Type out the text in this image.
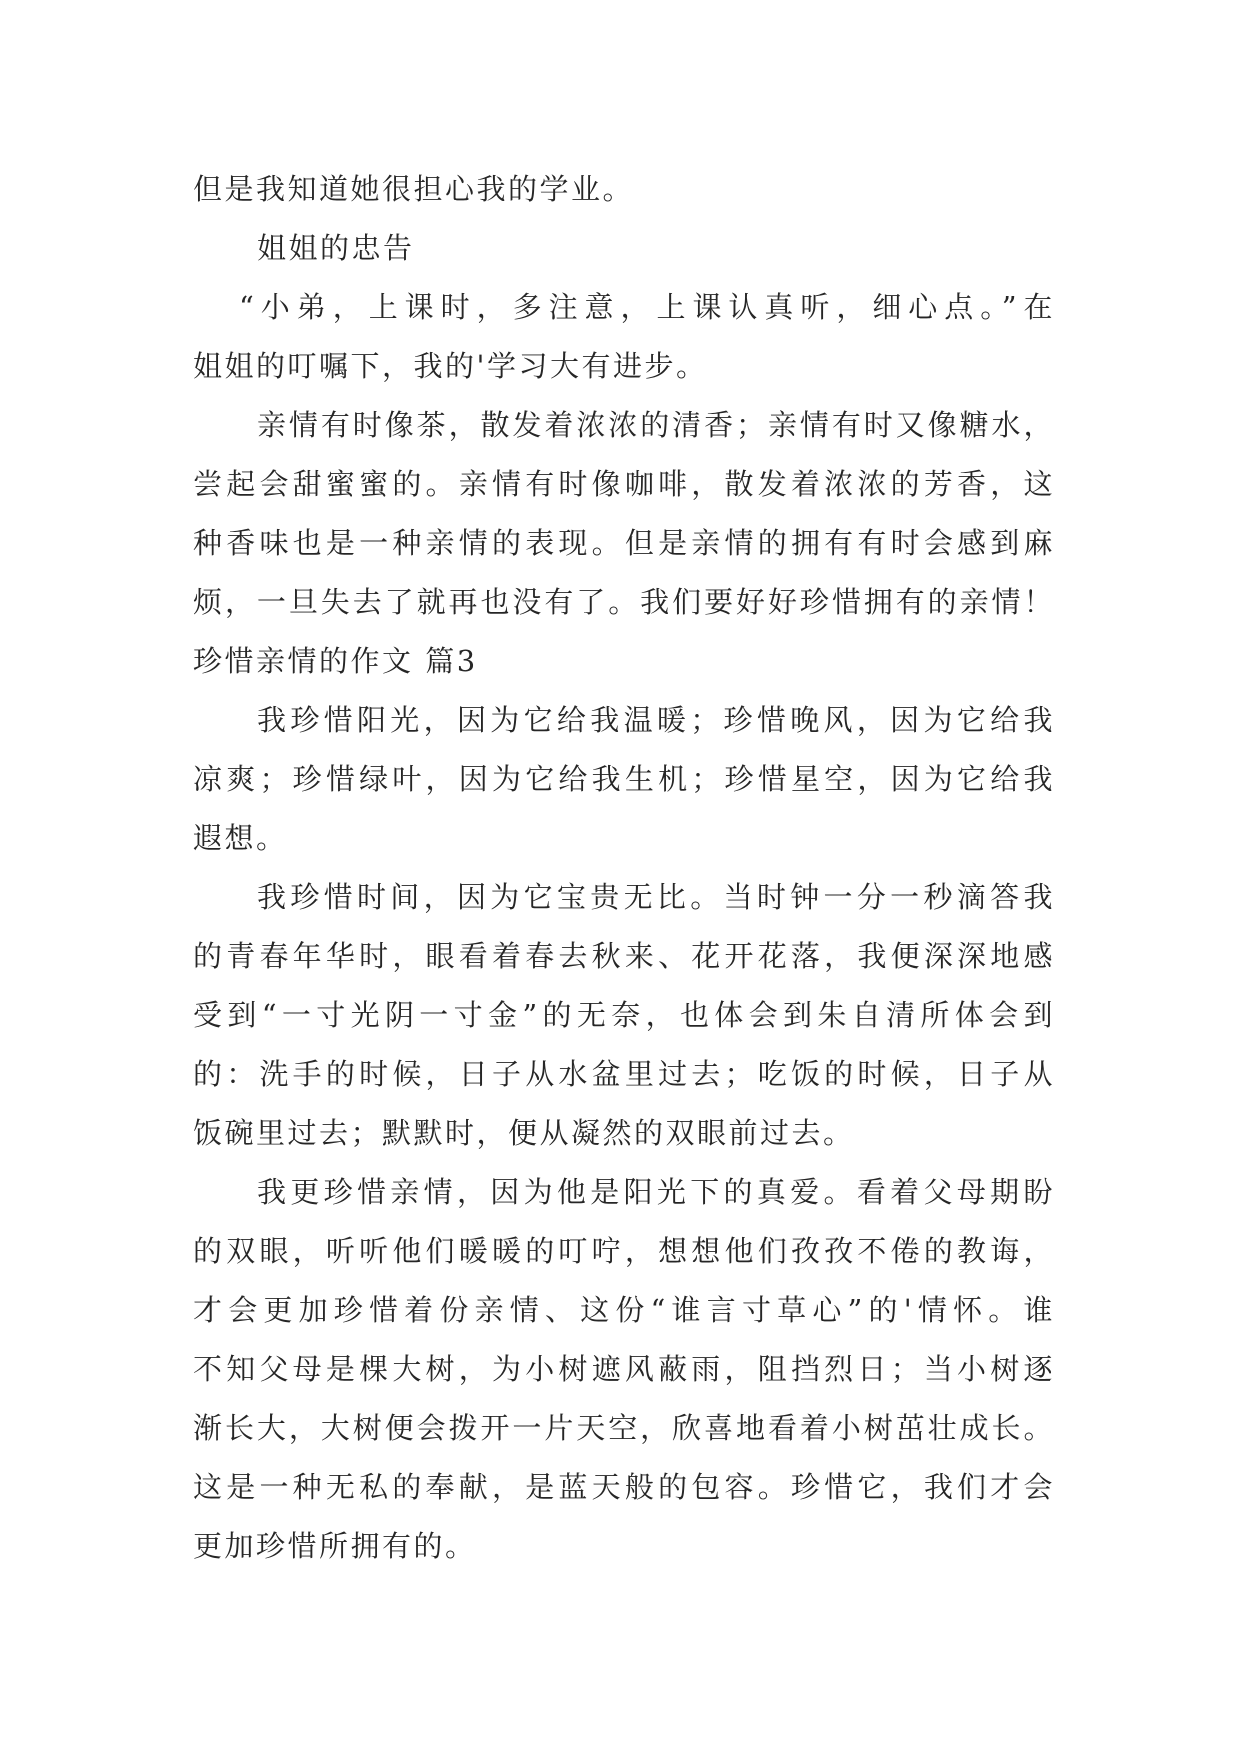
但是我知道她很担心我的学业。
姐姐的忠告
“小弟，上课时，多注意，上课认真听，细心点。”在
姐姐的叮嘱下，我的'学习大有进步。
亲情有时像茶，散发着浓浓的清香；亲情有时又像糖水，
尝起会甜蜜蜜的。亲情有时像咖啡，散发着浓浓的芳香，这
种香味也是一种亲情的表现。但是亲情的拥有有时会感到麻
烦，一旦失去了就再也没有了。我们要好好珍惜拥有的亲情！
珍惜亲情的作文 篇3
我珍惜阳光，因为它给我温暖；珍惜晚风，因为它给我
凉爽；珍惜绿叶，因为它给我生机；珍惜星空，因为它给我
遐想。
我珍惜时间，因为它宝贵无比。当时钟一分一秒滴答我
的青春年华时，眼看着春去秋来、花开花落，我便深深地感
受到“一寸光阴一寸金”的无奈，也体会到朱自清所体会到
的：洗手的时候，日子从水盆里过去；吃饭的时候，日子从
饭碗里过去；默默时，便从凝然的双眼前过去。
我更珍惜亲情，因为他是阳光下的真爱。看着父母期盼
的双眼，听听他们暖暖的叮咛，想想他们孜孜不倦的教诲，
才会更加珍惜着份亲情、这份“谁言寸草心”的'情怀。谁
不知父母是棵大树，为小树遮风蔽雨，阻挡烈日；当小树逐
渐长大，大树便会拨开一片天空，欣喜地看着小树茁壮成长。
这是一种无私的奉献，是蓝天般的包容。珍惜它，我们才会
更加珍惜所拥有的。
